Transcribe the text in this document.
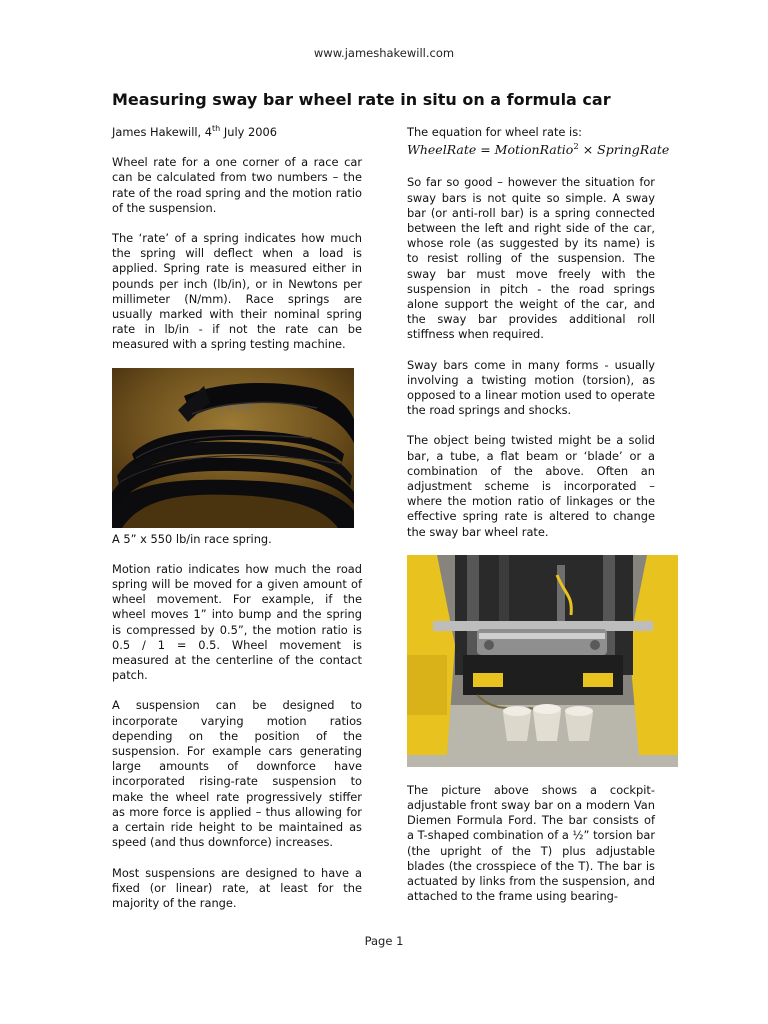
www.jameshakewill.com
Measuring sway bar wheel rate in situ on a formula car

James Hakewill, 4th July 2006

Wheel rate for a one corner of a race car can be calculated from two numbers – the rate of the road spring and the motion ratio of the suspension.

The ‘rate’ of a spring indicates how much the spring will deflect when a load is applied. Spring rate is measured either in pounds per inch (lb/in), or in Newtons per millimeter (N/mm). Race springs are usually marked with their nominal spring rate in lb/in - if not the rate can be measured with a spring testing machine.

5 5 550

A 5” x 550 lb/in race spring.

Motion ratio indicates how much the road spring will be moved for a given amount of wheel movement. For example, if the wheel moves 1” into bump and the spring is compressed by 0.5”, the motion ratio is 0.5 / 1 = 0.5. Wheel movement is measured at the centerline of the contact patch.

A suspension can be designed to incorporate varying motion ratios depending on the position of the suspension. For example cars generating large amounts of downforce have incorporated rising-rate suspension to make the wheel rate progressively stiffer as more force is applied – thus allowing for a certain ride height to be maintained as speed (and thus downforce) increases.

Most suspensions are designed to have a fixed (or linear) rate, at least for the majority of the range.

The equation for wheel rate is:

WheelRate = MotionRatio$^2$ × SpringRate

So far so good – however the situation for sway bars is not quite so simple. A sway bar (or anti-roll bar) is a spring connected between the left and right side of the car, whose role (as suggested by its name) is to resist rolling of the suspension. The sway bar must move freely with the suspension in pitch - the road springs alone support the weight of the car, and the sway bar provides additional roll stiffness when required.

Sway bars come in many forms - usually involving a twisting motion (torsion), as opposed to a linear motion used to operate the road springs and shocks.

The object being twisted might be a solid bar, a tube, a flat beam or ‘blade’ or a combination of the above. Often an adjustment scheme is incorporated – where the motion ratio of linkages or the effective spring rate is altered to change the sway bar wheel rate.

The picture above shows a cockpit-adjustable front sway bar on a modern Van Diemen Formula Ford. The bar consists of a T-shaped combination of a ½” torsion bar (the upright of the T) plus adjustable blades (the crosspiece of the T). The bar is actuated by links from the suspension, and attached to the frame using bearing-

Page 1
